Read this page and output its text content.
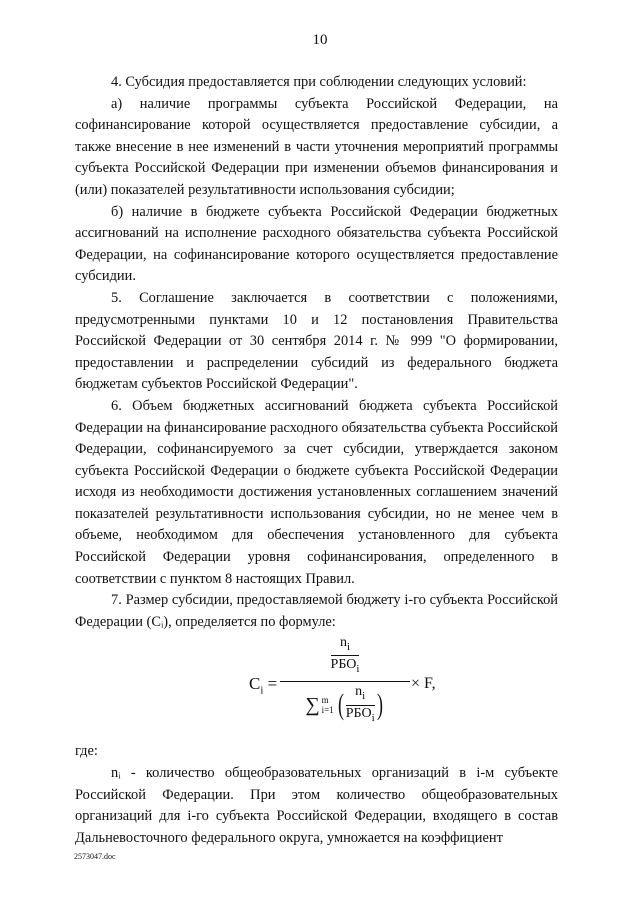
10

4. Субсидия предоставляется при соблюдении следующих условий:

а) наличие программы субъекта Российской Федерации, на софинансирование которой осуществляется предоставление субсидии, а также внесение в нее изменений в части уточнения мероприятий программы субъекта Российской Федерации при изменении объемов финансирования и (или) показателей результативности использования субсидии;

б) наличие в бюджете субъекта Российской Федерации бюджетных ассигнований на исполнение расходного обязательства субъекта Российской Федерации, на софинансирование которого осуществляется предоставление субсидии.

5. Соглашение заключается в соответствии с положениями, предусмотренными пунктами 10 и 12 постановления Правительства Российской Федерации от 30 сентября 2014 г. № 999 "О формировании, предоставлении и распределении субсидий из федерального бюджета бюджетам субъектов Российской Федерации".

6. Объем бюджетных ассигнований бюджета субъекта Российской Федерации на финансирование расходного обязательства субъекта Российской Федерации, софинансируемого за счет субсидии, утверждается законом субъекта Российской Федерации о бюджете субъекта Российской Федерации исходя из необходимости достижения установленных соглашением значений показателей результативности использования субсидии, но не менее чем в объеме, необходимом для обеспечения установленного для субъекта Российской Федерации уровня софинансирования, определенного в соответствии с пунктом 8 настоящих Правил.

7. Размер субсидии, предоставляемой бюджету i-го субъекта Российской Федерации (Cᵢ), определяется по формуле:

$C_i$ =
$n_i$
$РБО_i$
∑ m
i=1 ( $n_i$
$РБО_i$ )
× F,

где:

nᵢ - количество общеобразовательных организаций в i-м субъекте Российской Федерации. При этом количество общеобразовательных организаций для i-го субъекта Российской Федерации, входящего в состав Дальневосточного федерального округа, умножается на коэффициент

2573047.doc
